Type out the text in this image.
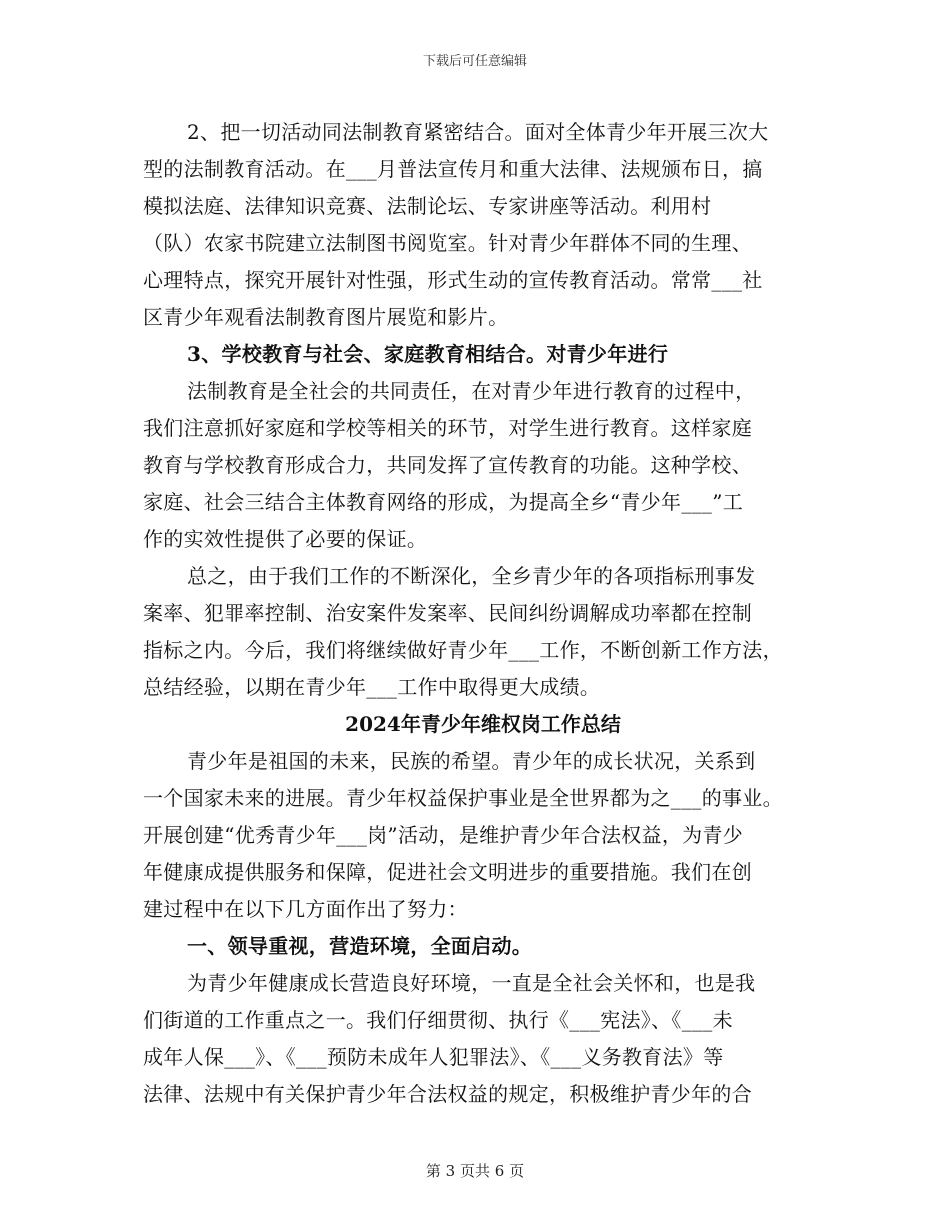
下载后可任意编辑

2、把一切活动同法制教育紧密结合。面对全体青少年开展三次大
型的法制教育活动。在___月普法宣传月和重大法律、法规颁布日，搞
模拟法庭、法律知识竞赛、法制论坛、专家讲座等活动。利用村
（队）农家书院建立法制图书阅览室。针对青少年群体不同的生理、
心理特点，探究开展针对性强，形式生动的宣传教育活动。常常___社
区青少年观看法制教育图片展览和影片。

3、学校教育与社会、家庭教育相结合。对青少年进行

法制教育是全社会的共同责任，在对青少年进行教育的过程中，
我们注意抓好家庭和学校等相关的环节，对学生进行教育。这样家庭
教育与学校教育形成合力，共同发挥了宣传教育的功能。这种学校、
家庭、社会三结合主体教育网络的形成，为提高全乡“青少年___”工
作的实效性提供了必要的保证。

总之，由于我们工作的不断深化，全乡青少年的各项指标刑事发
案率、犯罪率控制、治安案件发案率、民间纠纷调解成功率都在控制
指标之内。今后，我们将继续做好青少年___工作，不断创新工作方法，
总结经验，以期在青少年___工作中取得更大成绩。

2024年青少年维权岗工作总结

青少年是祖国的未来，民族的希望。青少年的成长状况，关系到
一个国家未来的进展。青少年权益保护事业是全世界都为之___的事业。
开展创建“优秀青少年___岗”活动，是维护青少年合法权益，为青少
年健康成提供服务和保障，促进社会文明进步的重要措施。我们在创
建过程中在以下几方面作出了努力：

一、领导重视，营造环境，全面启动。

为青少年健康成长营造良好环境，一直是全社会关怀和，也是我
们街道的工作重点之一。我们仔细贯彻、执行《___宪法》、《___未
成年人保___》、《___预防未成年人犯罪法》、《___义务教育法》等
法律、法规中有关保护青少年合法权益的规定，积极维护青少年的合

第 3 页共 6 页
